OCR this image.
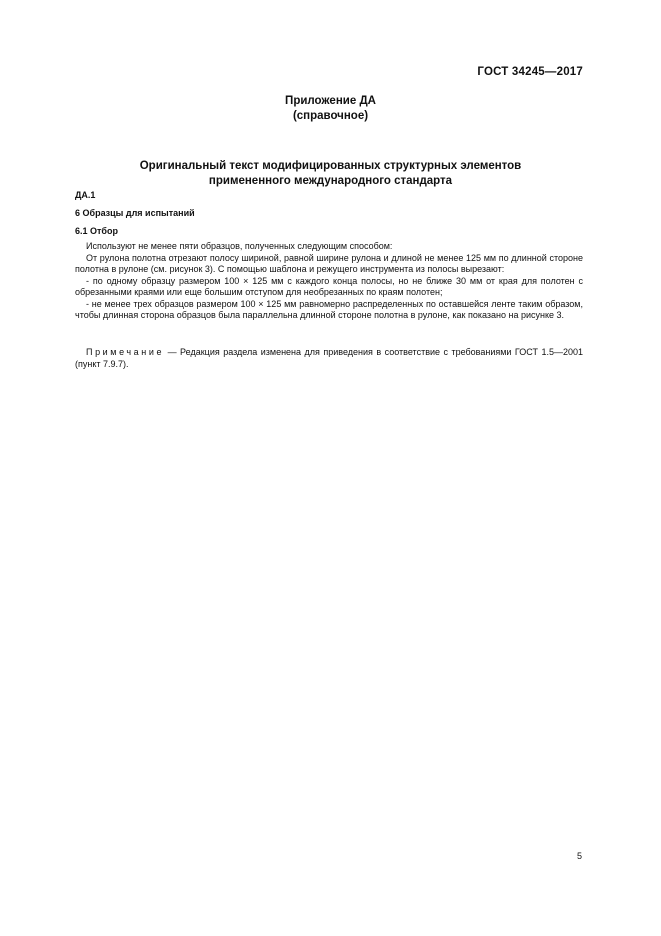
ГОСТ 34245—2017
Приложение ДА
(справочное)
Оригинальный текст модифицированных структурных элементов
примененного международного стандарта
ДА.1
6 Образцы для испытаний
6.1 Отбор

Используют не менее пяти образцов, полученных следующим способом:

От рулона полотна отрезают полосу шириной, равной ширине рулона и длиной не менее 125 мм по длинной стороне полотна в рулоне (см. рисунок 3). С помощью шаблона и режущего инструмента из полосы вырезают:

- по одному образцу размером 100 × 125 мм с каждого конца полосы, но не ближе 30 мм от края для полотен с обрезанными краями или еще большим отступом для необрезанных по краям полотен;

- не менее трех образцов размером 100 × 125 мм равномерно распределенных по оставшейся ленте таким образом, чтобы длинная сторона образцов была параллельна длинной стороне полотна в рулоне, как показано на рисунке 3.

Примечание — Редакция раздела изменена для приведения в соответствие с требованиями ГОСТ 1.5—2001 (пункт 7.9.7).

5
